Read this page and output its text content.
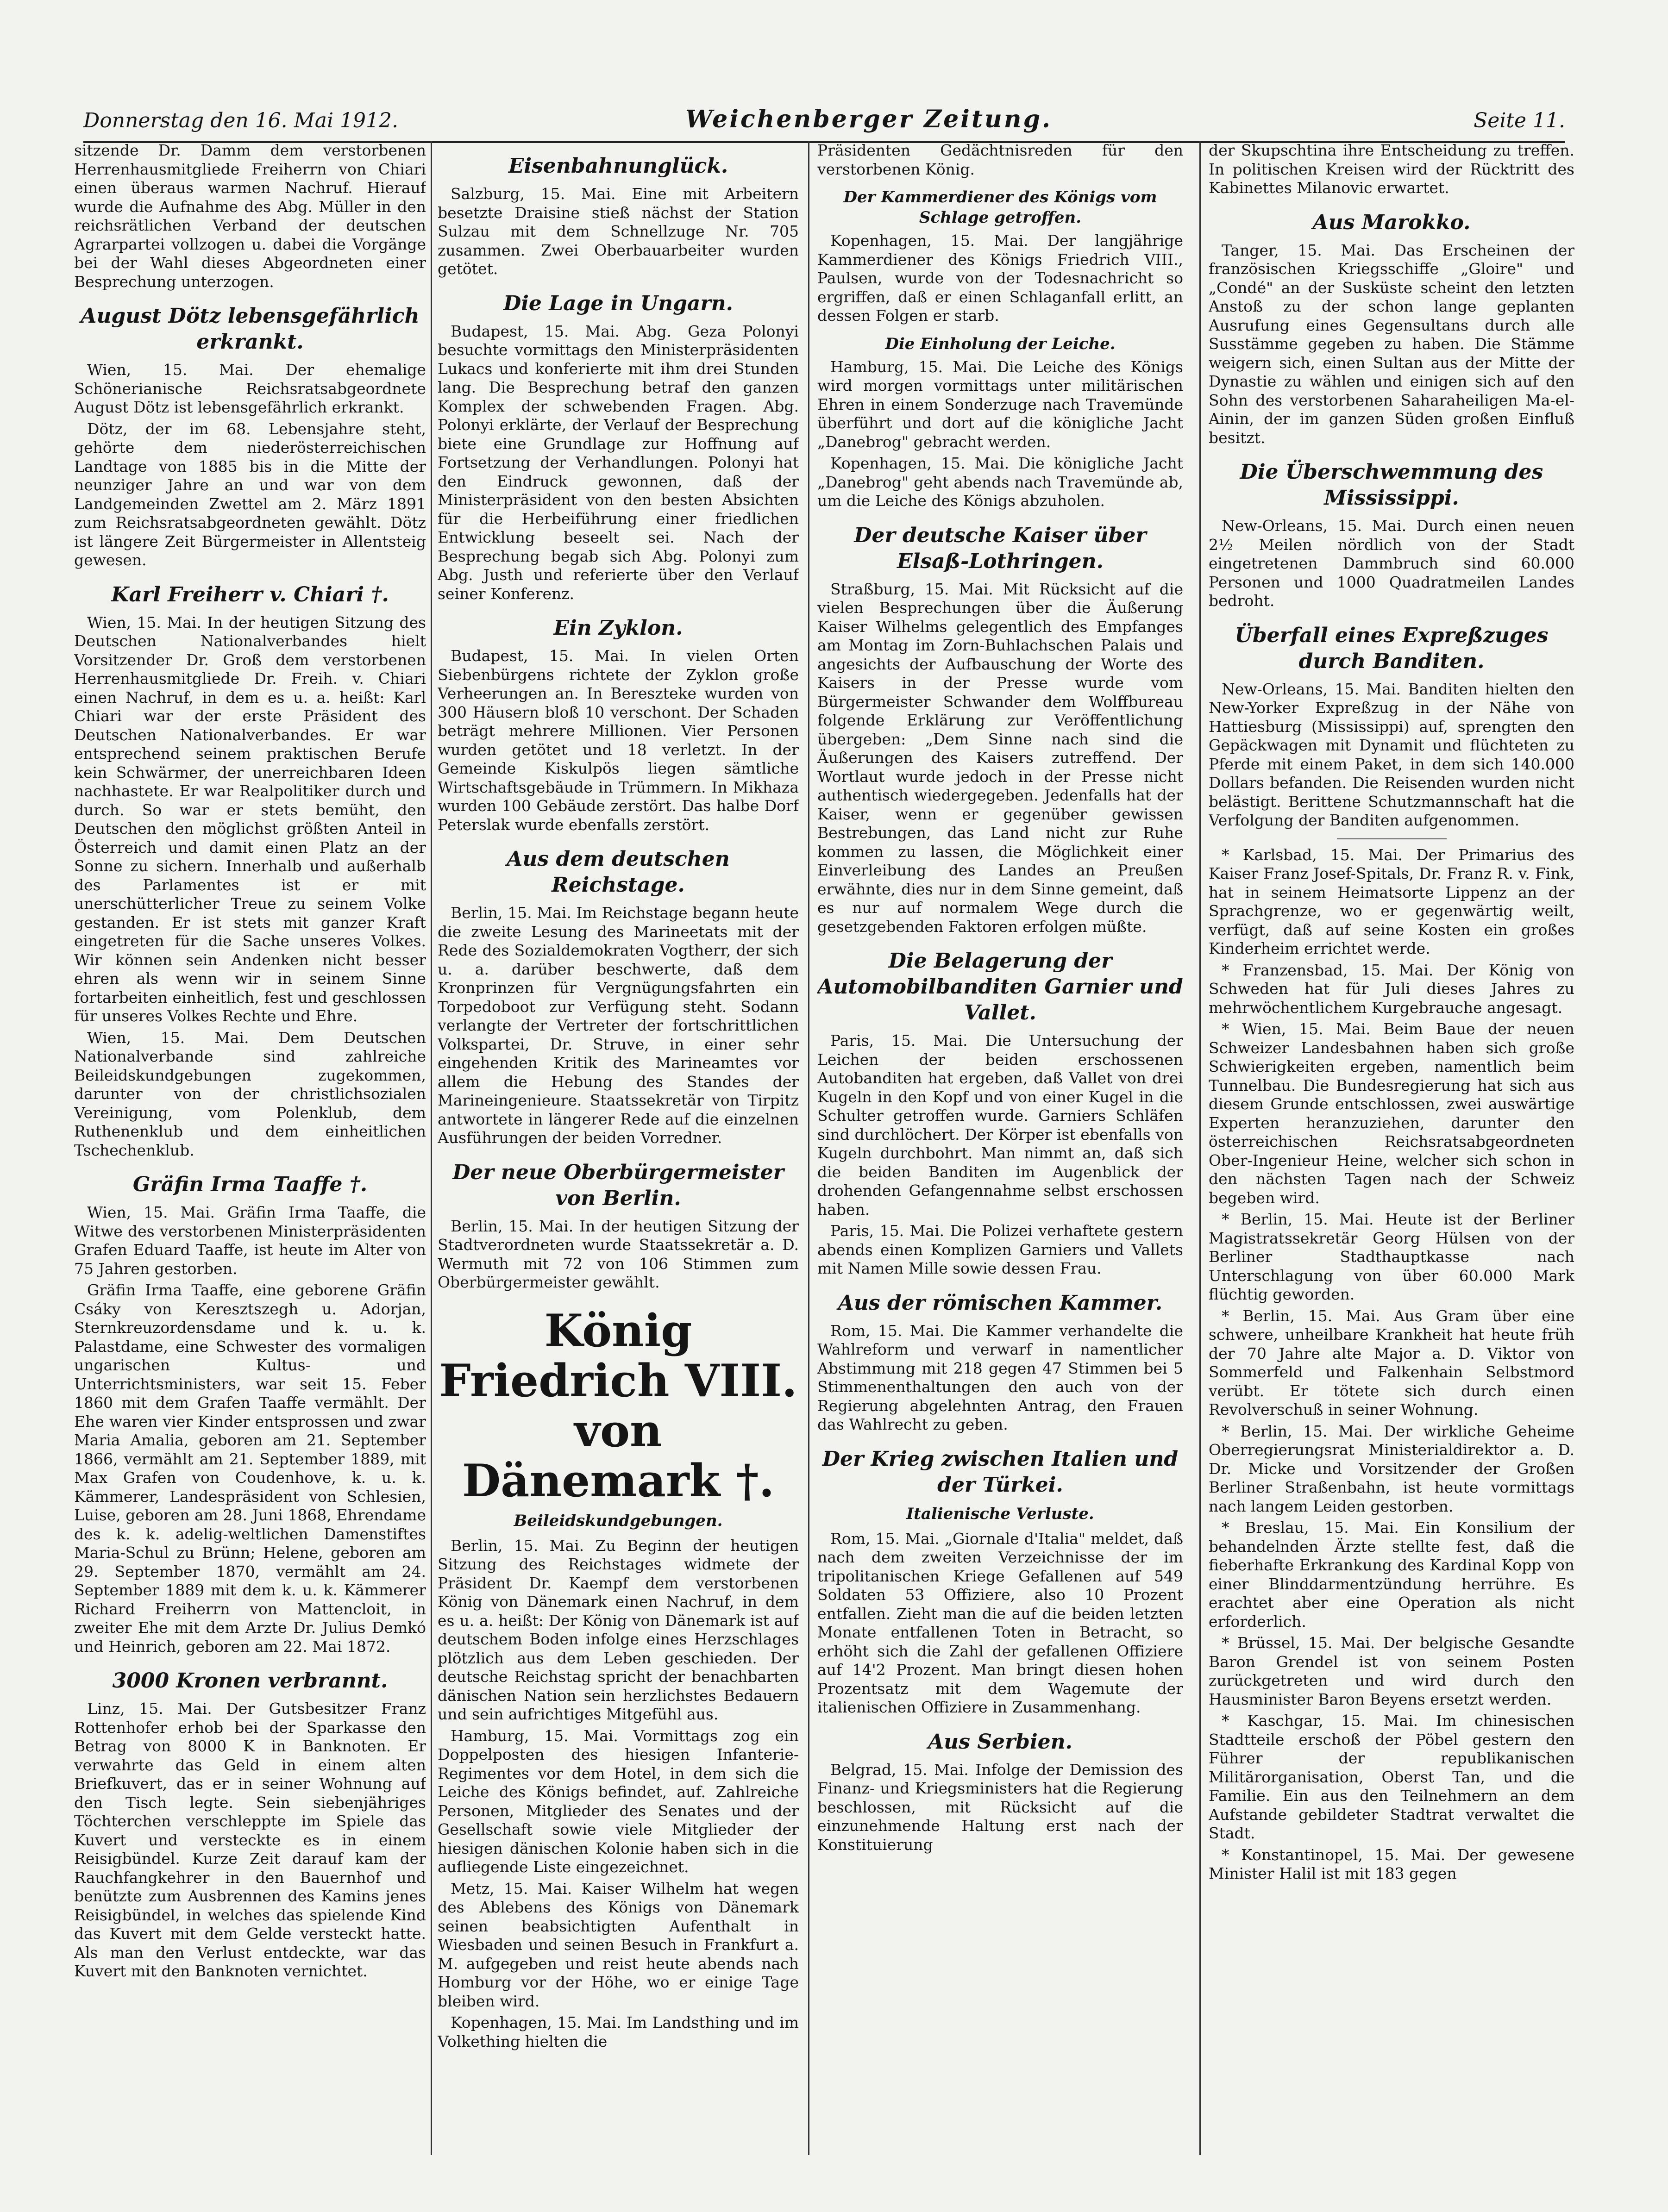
Donnerstag den 16. Mai 1912.	Weichenberger Zeitung.	Seite 11.

sitzende Dr. Damm dem verstorbenen Herrenhausmitgliede Freiherrn von Chiari einen überaus warmen Nachruf. Hierauf wurde die Aufnahme des Abg. Müller in den reichsrätlichen Verband der deutschen Agrarpartei vollzogen u. dabei die Vorgänge bei der Wahl dieses Abgeordneten einer Besprechung unterzogen.

August Dötz lebensgefährlich erkrankt.

Wien, 15. Mai. Der ehemalige Schönerianische Reichsratsabgeordnete August Dötz ist lebensgefährlich erkrankt.

Dötz, der im 68. Lebensjahre steht, gehörte dem niederösterreichischen Landtage von 1885 bis in die Mitte der neunziger Jahre an und war von dem Landgemeinden Zwettel am 2. März 1891 zum Reichsratsabgeordneten gewählt. Dötz ist längere Zeit Bürgermeister in Allentsteig gewesen.

Karl Freiherr v. Chiari †.

Wien, 15. Mai. In der heutigen Sitzung des Deutschen Nationalverbandes hielt Vorsitzender Dr. Groß dem verstorbenen Herrenhausmitgliede Dr. Freih. v. Chiari einen Nachruf, in dem es u. a. heißt: Karl Chiari war der erste Präsident des Deutschen Nationalverbandes. Er war entsprechend seinem praktischen Berufe kein Schwärmer, der unerreichbaren Ideen nachhastete. Er war Realpolitiker durch und durch. So war er stets bemüht, den Deutschen den möglichst größten Anteil in Österreich und damit einen Platz an der Sonne zu sichern. Innerhalb und außerhalb des Parlamentes ist er mit unerschütterlicher Treue zu seinem Volke gestanden. Er ist stets mit ganzer Kraft eingetreten für die Sache unseres Volkes. Wir können sein Andenken nicht besser ehren als wenn wir in seinem Sinne fortarbeiten einheitlich, fest und geschlossen für unseres Volkes Rechte und Ehre.

Wien, 15. Mai. Dem Deutschen Nationalverbande sind zahlreiche Beileidskundgebungen zugekommen, darunter von der christlichsozialen Vereinigung, vom Polenklub, dem Ruthenenklub und dem einheitlichen Tschechenklub.

Gräfin Irma Taaffe †.

Wien, 15. Mai. Gräfin Irma Taaffe, die Witwe des verstorbenen Ministerpräsidenten Grafen Eduard Taaffe, ist heute im Alter von 75 Jahren gestorben.

Gräfin Irma Taaffe, eine geborene Gräfin Csáky von Keresztszegh u. Adorjan, Sternkreuzordensdame und k. u. k. Palastdame, eine Schwester des vormaligen ungarischen Kultus- und Unterrichtsministers, war seit 15. Feber 1860 mit dem Grafen Taaffe vermählt. Der Ehe waren vier Kinder entsprossen und zwar Maria Amalia, geboren am 21. September 1866, vermählt am 21. September 1889, mit Max Grafen von Coudenhove, k. u. k. Kämmerer, Landespräsident von Schlesien, Luise, geboren am 28. Juni 1868, Ehrendame des k. k. adelig-weltlichen Damenstiftes Maria-Schul zu Brünn; Helene, geboren am 29. September 1870, vermählt am 24. September 1889 mit dem k. u. k. Kämmerer Richard Freiherrn von Mattencloit, in zweiter Ehe mit dem Arzte Dr. Julius Demkó und Heinrich, geboren am 22. Mai 1872.

3000 Kronen verbrannt.

Linz, 15. Mai. Der Gutsbesitzer Franz Rottenhofer erhob bei der Sparkasse den Betrag von 8000 K in Banknoten. Er verwahrte das Geld in einem alten Briefkuvert, das er in seiner Wohnung auf den Tisch legte. Sein siebenjähriges Töchterchen verschleppte im Spiele das Kuvert und versteckte es in einem Reisigbündel. Kurze Zeit darauf kam der Rauchfangkehrer in den Bauernhof und benützte zum Ausbrennen des Kamins jenes Reisigbündel, in welches das spielende Kind das Kuvert mit dem Gelde versteckt hatte. Als man den Verlust entdeckte, war das Kuvert mit den Banknoten vernichtet.

Eisenbahnunglück.

Salzburg, 15. Mai. Eine mit Arbeitern besetzte Draisine stieß nächst der Station Sulzau mit dem Schnellzuge Nr. 705 zusammen. Zwei Oberbauarbeiter wurden getötet.

Die Lage in Ungarn.

Budapest, 15. Mai. Abg. Geza Polonyi besuchte vormittags den Ministerpräsidenten Lukacs und konferierte mit ihm drei Stunden lang. Die Besprechung betraf den ganzen Komplex der schwebenden Fragen. Abg. Polonyi erklärte, der Verlauf der Besprechung biete eine Grundlage zur Hoffnung auf Fortsetzung der Verhandlungen. Polonyi hat den Eindruck gewonnen, daß der Ministerpräsident von den besten Absichten für die Herbeiführung einer friedlichen Entwicklung beseelt sei. Nach der Besprechung begab sich Abg. Polonyi zum Abg. Justh und referierte über den Verlauf seiner Konferenz.

Ein Zyklon.

Budapest, 15. Mai. In vielen Orten Siebenbürgens richtete der Zyklon große Verheerungen an. In Bereszteke wurden von 300 Häusern bloß 10 verschont. Der Schaden beträgt mehrere Millionen. Vier Personen wurden getötet und 18 verletzt. In der Gemeinde Kiskulpös liegen sämtliche Wirtschaftsgebäude in Trümmern. In Mikhaza wurden 100 Gebäude zerstört. Das halbe Dorf Peterslak wurde ebenfalls zerstört.

Aus dem deutschen Reichstage.

Berlin, 15. Mai. Im Reichstage begann heute die zweite Lesung des Marineetats mit der Rede des Sozialdemokraten Vogtherr, der sich u. a. darüber beschwerte, daß dem Kronprinzen für Vergnügungsfahrten ein Torpedoboot zur Verfügung steht. Sodann verlangte der Vertreter der fortschrittlichen Volkspartei, Dr. Struve, in einer sehr eingehenden Kritik des Marineamtes vor allem die Hebung des Standes der Marineingenieure. Staatssekretär von Tirpitz antwortete in längerer Rede auf die einzelnen Ausführungen der beiden Vorredner.

Der neue Oberbürgermeister von Berlin.

Berlin, 15. Mai. In der heutigen Sitzung der Stadtverordneten wurde Staatssekretär a. D. Wermuth mit 72 von 106 Stimmen zum Oberbürgermeister gewählt.

König Friedrich VIII. von Dänemark †.
Beileidskundgebungen.

Berlin, 15. Mai. Zu Beginn der heutigen Sitzung des Reichstages widmete der Präsident Dr. Kaempf dem verstorbenen König von Dänemark einen Nachruf, in dem es u. a. heißt: Der König von Dänemark ist auf deutschem Boden infolge eines Herzschlages plötzlich aus dem Leben geschieden. Der deutsche Reichstag spricht der benachbarten dänischen Nation sein herzlichstes Bedauern und sein aufrichtiges Mitgefühl aus.

Hamburg, 15. Mai. Vormittags zog ein Doppelposten des hiesigen Infanterie-Regimentes vor dem Hotel, in dem sich die Leiche des Königs befindet, auf. Zahlreiche Personen, Mitglieder des Senates und der Gesellschaft sowie viele Mitglieder der hiesigen dänischen Kolonie haben sich in die aufliegende Liste eingezeichnet.

Metz, 15. Mai. Kaiser Wilhelm hat wegen des Ablebens des Königs von Dänemark seinen beabsichtigten Aufenthalt in Wiesbaden und seinen Besuch in Frankfurt a. M. aufgegeben und reist heute abends nach Homburg vor der Höhe, wo er einige Tage bleiben wird.

Kopenhagen, 15. Mai. Im Landsthing und im Volkething hielten die

Präsidenten Gedächtnisreden für den verstorbenen König.

Der Kammerdiener des Königs vom Schlage getroffen.

Kopenhagen, 15. Mai. Der langjährige Kammerdiener des Königs Friedrich VIII., Paulsen, wurde von der Todesnachricht so ergriffen, daß er einen Schlaganfall erlitt, an dessen Folgen er starb.

Die Einholung der Leiche.

Hamburg, 15. Mai. Die Leiche des Königs wird morgen vormittags unter militärischen Ehren in einem Sonderzuge nach Travemünde überführt und dort auf die königliche Jacht „Danebrog" gebracht werden.

Kopenhagen, 15. Mai. Die königliche Jacht „Danebrog" geht abends nach Travemünde ab, um die Leiche des Königs abzuholen.

Der deutsche Kaiser über Elsaß-Lothringen.

Straßburg, 15. Mai. Mit Rücksicht auf die vielen Besprechungen über die Äußerung Kaiser Wilhelms gelegentlich des Empfanges am Montag im Zorn-Buhlachschen Palais und angesichts der Aufbauschung der Worte des Kaisers in der Presse wurde vom Bürgermeister Schwander dem Wolffbureau folgende Erklärung zur Veröffentlichung übergeben: „Dem Sinne nach sind die Äußerungen des Kaisers zutreffend. Der Wortlaut wurde jedoch in der Presse nicht authentisch wiedergegeben. Jedenfalls hat der Kaiser, wenn er gegenüber gewissen Bestrebungen, das Land nicht zur Ruhe kommen zu lassen, die Möglichkeit einer Einverleibung des Landes an Preußen erwähnte, dies nur in dem Sinne gemeint, daß es nur auf normalem Wege durch die gesetzgebenden Faktoren erfolgen müßte.

Die Belagerung der Automobilbanditen Garnier und Vallet.

Paris, 15. Mai. Die Untersuchung der Leichen der beiden erschossenen Autobanditen hat ergeben, daß Vallet von drei Kugeln in den Kopf und von einer Kugel in die Schulter getroffen wurde. Garniers Schläfen sind durchlöchert. Der Körper ist ebenfalls von Kugeln durchbohrt. Man nimmt an, daß sich die beiden Banditen im Augenblick der drohenden Gefangennahme selbst erschossen haben.

Paris, 15. Mai. Die Polizei verhaftete gestern abends einen Komplizen Garniers und Vallets mit Namen Mille sowie dessen Frau.

Aus der römischen Kammer.

Rom, 15. Mai. Die Kammer verhandelte die Wahlreform und verwarf in namentlicher Abstimmung mit 218 gegen 47 Stimmen bei 5 Stimmenenthaltungen den auch von der Regierung abgelehnten Antrag, den Frauen das Wahlrecht zu geben.

Der Krieg zwischen Italien und der Türkei.
Italienische Verluste.

Rom, 15. Mai. „Giornale d'Italia" meldet, daß nach dem zweiten Verzeichnisse der im tripolitanischen Kriege Gefallenen auf 549 Soldaten 53 Offiziere, also 10 Prozent entfallen. Zieht man die auf die beiden letzten Monate entfallenen Toten in Betracht, so erhöht sich die Zahl der gefallenen Offiziere auf 14'2 Prozent. Man bringt diesen hohen Prozentsatz mit dem Wagemute der italienischen Offiziere in Zusammenhang.

Aus Serbien.

Belgrad, 15. Mai. Infolge der Demission des Finanz- und Kriegsministers hat die Regierung beschlossen, mit Rücksicht auf die einzunehmende Haltung erst nach der Konstituierung

der Skupschtina ihre Entscheidung zu treffen. In politischen Kreisen wird der Rücktritt des Kabinettes Milanovic erwartet.

Aus Marokko.

Tanger, 15. Mai. Das Erscheinen der französischen Kriegsschiffe „Gloire" und „Condé" an der Susküste scheint den letzten Anstoß zu der schon lange geplanten Ausrufung eines Gegensultans durch alle Susstämme gegeben zu haben. Die Stämme weigern sich, einen Sultan aus der Mitte der Dynastie zu wählen und einigen sich auf den Sohn des verstorbenen Saharaheiligen Ma-el-Ainin, der im ganzen Süden großen Einfluß besitzt.

Die Überschwemmung des Mississippi.

New-Orleans, 15. Mai. Durch einen neuen 2½ Meilen nördlich von der Stadt eingetretenen Dammbruch sind 60.000 Personen und 1000 Quadratmeilen Landes bedroht.

Überfall eines Expreßzuges durch Banditen.

New-Orleans, 15. Mai. Banditen hielten den New-Yorker Expreßzug in der Nähe von Hattiesburg (Mississippi) auf, sprengten den Gepäckwagen mit Dynamit und flüchteten zu Pferde mit einem Paket, in dem sich 140.000 Dollars befanden. Die Reisenden wurden nicht belästigt. Berittene Schutzmannschaft hat die Verfolgung der Banditen aufgenommen.

* Karlsbad, 15. Mai. Der Primarius des Kaiser Franz Josef-Spitals, Dr. Franz R. v. Fink, hat in seinem Heimatsorte Lippenz an der Sprachgrenze, wo er gegenwärtig weilt, verfügt, daß auf seine Kosten ein großes Kinderheim errichtet werde.

* Franzensbad, 15. Mai. Der König von Schweden hat für Juli dieses Jahres zu mehrwöchentlichem Kurgebrauche angesagt.

* Wien, 15. Mai. Beim Baue der neuen Schweizer Landesbahnen haben sich große Schwierigkeiten ergeben, namentlich beim Tunnelbau. Die Bundesregierung hat sich aus diesem Grunde entschlossen, zwei auswärtige Experten heranzuziehen, darunter den österreichischen Reichsratsabgeordneten Ober-Ingenieur Heine, welcher sich schon in den nächsten Tagen nach der Schweiz begeben wird.

* Berlin, 15. Mai. Heute ist der Berliner Magistratssekretär Georg Hülsen von der Berliner Stadthauptkasse nach Unterschlagung von über 60.000 Mark flüchtig geworden.

* Berlin, 15. Mai. Aus Gram über eine schwere, unheilbare Krankheit hat heute früh der 70 Jahre alte Major a. D. Viktor von Sommerfeld und Falkenhain Selbstmord verübt. Er tötete sich durch einen Revolverschuß in seiner Wohnung.

* Berlin, 15. Mai. Der wirkliche Geheime Oberregierungsrat Ministerialdirektor a. D. Dr. Micke und Vorsitzender der Großen Berliner Straßenbahn, ist heute vormittags nach langem Leiden gestorben.

* Breslau, 15. Mai. Ein Konsilium der behandelnden Ärzte stellte fest, daß die fieberhafte Erkrankung des Kardinal Kopp von einer Blinddarmentzündung herrühre. Es erachtet aber eine Operation als nicht erforderlich.

* Brüssel, 15. Mai. Der belgische Gesandte Baron Grendel ist von seinem Posten zurückgetreten und wird durch den Hausminister Baron Beyens ersetzt werden.

* Kaschgar, 15. Mai. Im chinesischen Stadtteile erschoß der Pöbel gestern den Führer der republikanischen Militärorganisation, Oberst Tan, und die Familie. Ein aus den Teilnehmern an dem Aufstande gebildeter Stadtrat verwaltet die Stadt.

* Konstantinopel, 15. Mai. Der gewesene Minister Halil ist mit 183 gegen
